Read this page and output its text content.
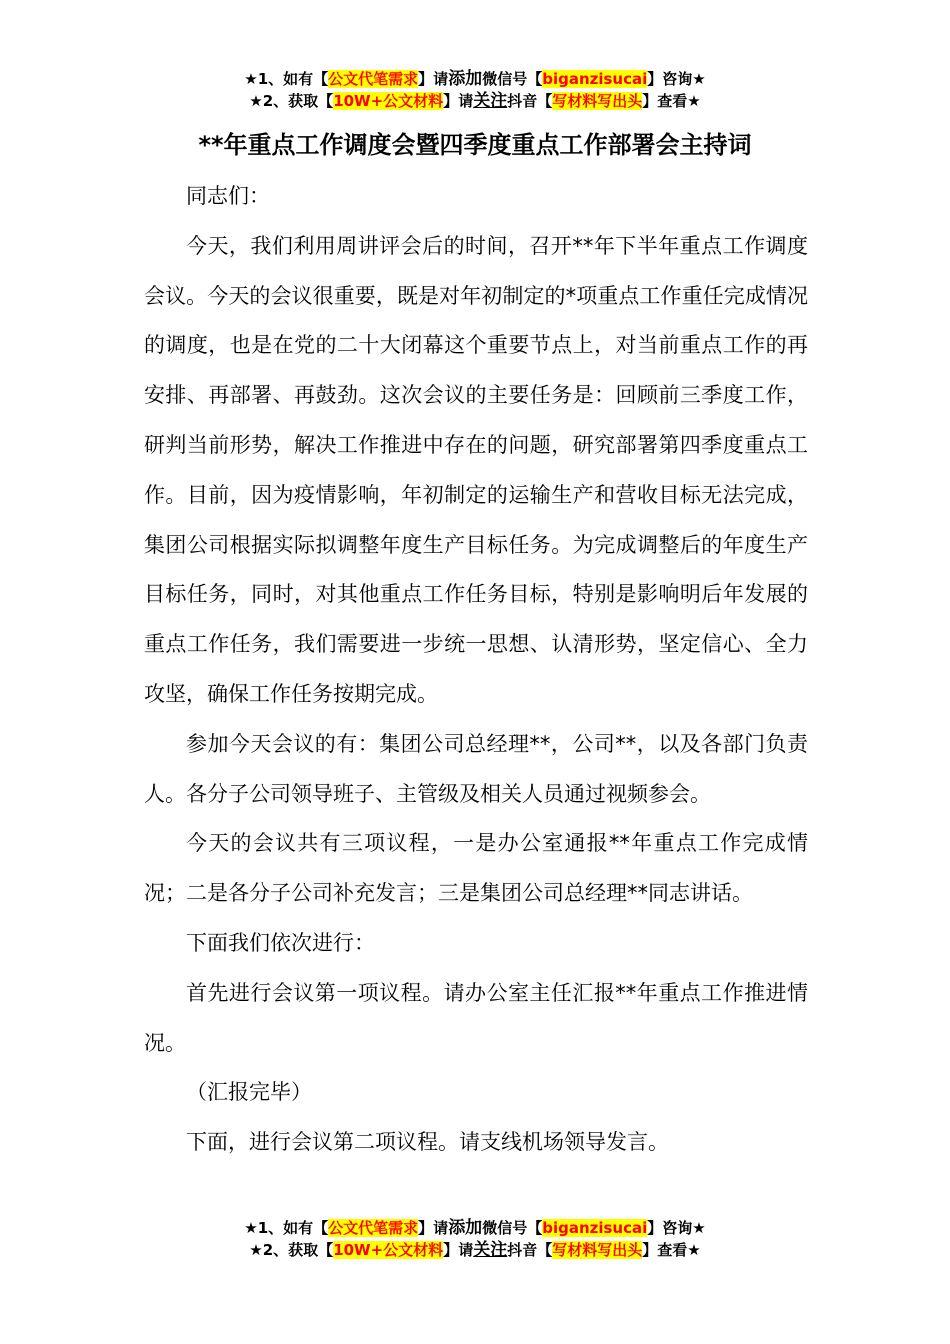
★1、如有【公文代笔需求】请添加微信号【biganzisucai】咨询★
★2、获取【10W+公文材料】请关注抖音【写材料写出头】查看★
**年重点工作调度会暨四季度重点工作部署会主持词

同志们：

今天，我们利用周讲评会后的时间，召开**年下半年重点工作调度会议。今天的会议很重要，既是对年初制定的*项重点工作重任完成情况的调度，也是在党的二十大闭幕这个重要节点上，对当前重点工作的再安排、再部署、再鼓劲。这次会议的主要任务是：回顾前三季度工作，研判当前形势，解决工作推进中存在的问题，研究部署第四季度重点工作。目前，因为疫情影响，年初制定的运输生产和营收目标无法完成，集团公司根据实际拟调整年度生产目标任务。为完成调整后的年度生产目标任务，同时，对其他重点工作任务目标，特别是影响明后年发展的重点工作任务，我们需要进一步统一思想、认清形势，坚定信心、全力攻坚，确保工作任务按期完成。

参加今天会议的有：集团公司总经理**，公司**，以及各部门负责人。各分子公司领导班子、主管级及相关人员通过视频参会。

今天的会议共有三项议程，一是办公室通报**年重点工作完成情况；二是各分子公司补充发言；三是集团公司总经理**同志讲话。

下面我们依次进行：

首先进行会议第一项议程。请办公室主任汇报**年重点工作推进情况。

（汇报完毕）

下面，进行会议第二项议程。请支线机场领导发言。

★1、如有【公文代笔需求】请添加微信号【biganzisucai】咨询★
★2、获取【10W+公文材料】请关注抖音【写材料写出头】查看★
